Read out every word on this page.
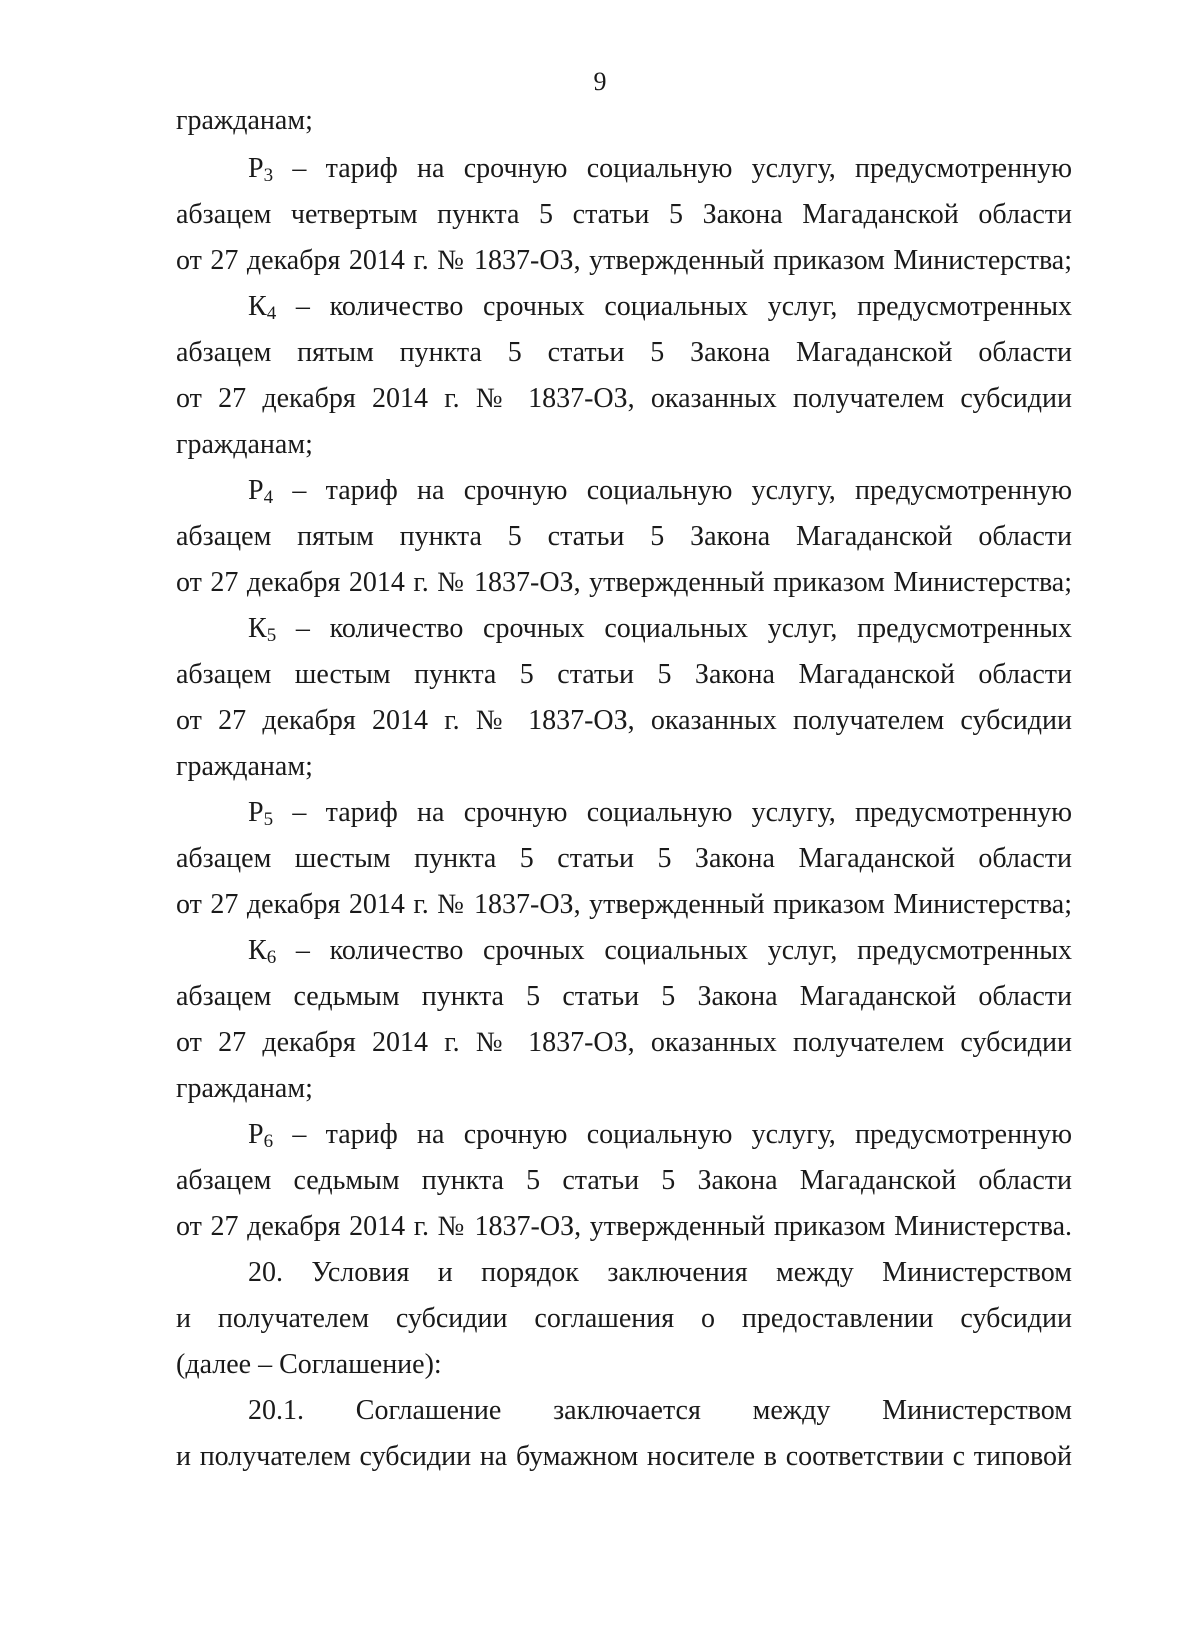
9
гражданам;
$Р_3$ – тариф на срочную социальную услугу, предусмотренную
абзацем четвертым пункта 5 статьи 5 Закона Магаданской области
от 27 декабря 2014 г. № 1837-ОЗ, утвержденный приказом Министерства;
$К_4$ – количество срочных социальных услуг, предусмотренных
абзацем пятым пункта 5 статьи 5 Закона Магаданской области
от 27 декабря 2014 г. № 1837-ОЗ, оказанных получателем субсидии
гражданам;
$Р_4$ – тариф на срочную социальную услугу, предусмотренную
абзацем пятым пункта 5 статьи 5 Закона Магаданской области
от 27 декабря 2014 г. № 1837-ОЗ, утвержденный приказом Министерства;
$К_5$ – количество срочных социальных услуг, предусмотренных
абзацем шестым пункта 5 статьи 5 Закона Магаданской области
от 27 декабря 2014 г. № 1837-ОЗ, оказанных получателем субсидии
гражданам;
$Р_5$ – тариф на срочную социальную услугу, предусмотренную
абзацем шестым пункта 5 статьи 5 Закона Магаданской области
от 27 декабря 2014 г. № 1837-ОЗ, утвержденный приказом Министерства;
$К_6$ – количество срочных социальных услуг, предусмотренных
абзацем седьмым пункта 5 статьи 5 Закона Магаданской области
от 27 декабря 2014 г. № 1837-ОЗ, оказанных получателем субсидии
гражданам;
$Р_6$ – тариф на срочную социальную услугу, предусмотренную
абзацем седьмым пункта 5 статьи 5 Закона Магаданской области
от 27 декабря 2014 г. № 1837-ОЗ, утвержденный приказом Министерства.
20. Условия и порядок заключения между Министерством
и получателем субсидии соглашения о предоставлении субсидии
(далее – Соглашение):
20.1. Соглашение заключается между Министерством
и получателем субсидии на бумажном носителе в соответствии с типовой
